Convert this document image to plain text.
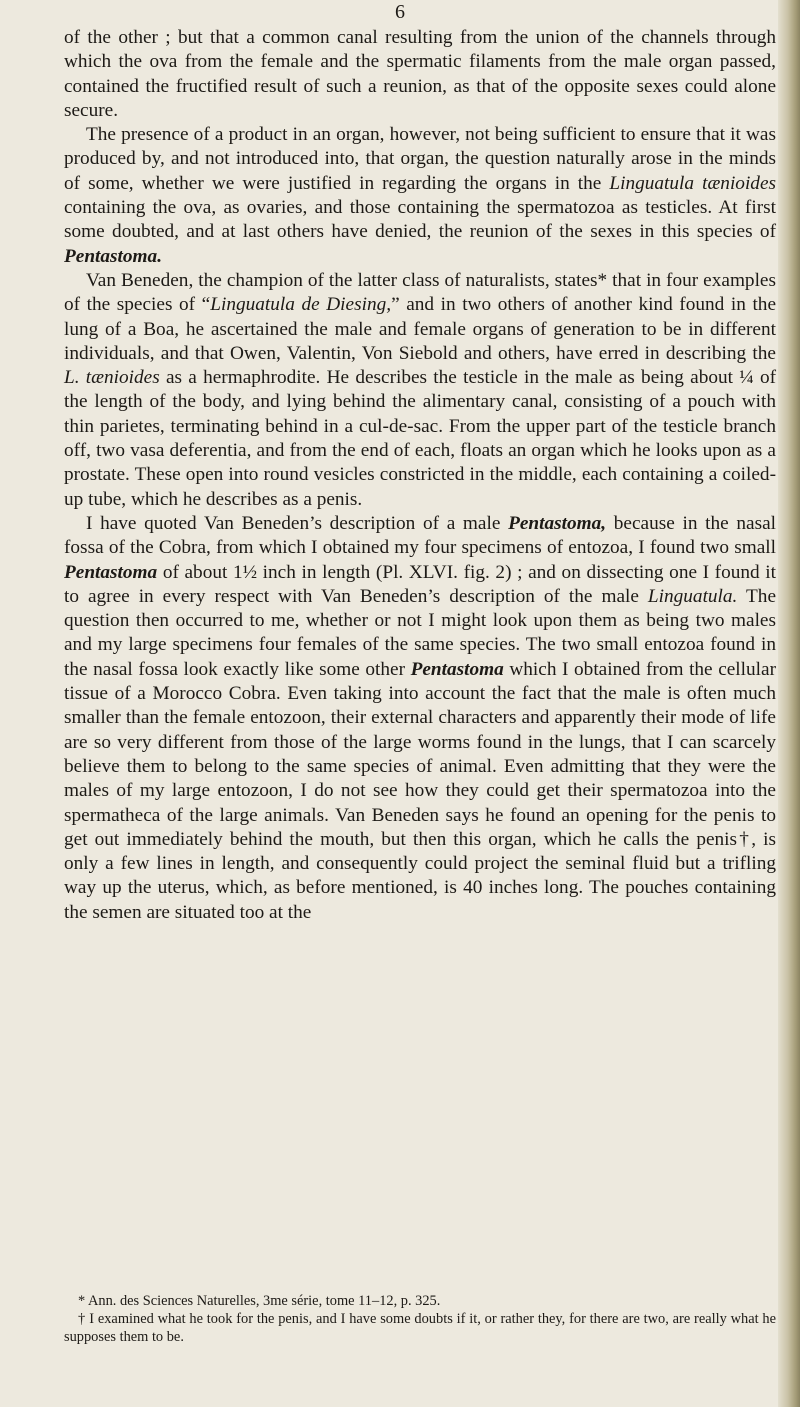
6

of the other ; but that a common canal resulting from the union of the channels through which the ova from the female and the spermatic filaments from the male organ passed, contained the fructified result of such a reunion, as that of the opposite sexes could alone secure.

The presence of a product in an organ, however, not being sufficient to ensure that it was produced by, and not introduced into, that organ, the question naturally arose in the minds of some, whether we were justified in regarding the organs in the Linguatula tænioides containing the ova, as ovaries, and those containing the spermatozoa as testicles. At first some doubted, and at last others have denied, the reunion of the sexes in this species of Pentastoma.

Van Beneden, the champion of the latter class of naturalists, states* that in four examples of the species of “Linguatula de Diesing,” and in two others of another kind found in the lung of a Boa, he ascertained the male and female organs of generation to be in different individuals, and that Owen, Valentin, Von Siebold and others, have erred in describing the L. tænioides as a hermaphrodite. He describes the testicle in the male as being about ¼ of the length of the body, and lying behind the alimentary canal, consisting of a pouch with thin parietes, terminating behind in a cul-de-sac. From the upper part of the testicle branch off, two vasa deferentia, and from the end of each, floats an organ which he looks upon as a prostate. These open into round vesicles constricted in the middle, each containing a coiled-up tube, which he describes as a penis.

I have quoted Van Beneden’s description of a male Pentastoma, because in the nasal fossa of the Cobra, from which I obtained my four specimens of entozoa, I found two small Pentastoma of about 1½ inch in length (Pl. XLVI. fig. 2) ; and on dissecting one I found it to agree in every respect with Van Beneden’s description of the male Linguatula. The question then occurred to me, whether or not I might look upon them as being two males and my large specimens four females of the same species. The two small entozoa found in the nasal fossa look exactly like some other Pentastoma which I obtained from the cellular tissue of a Morocco Cobra. Even taking into account the fact that the male is often much smaller than the female entozoon, their external characters and apparently their mode of life are so very different from those of the large worms found in the lungs, that I can scarcely believe them to belong to the same species of animal. Even admitting that they were the males of my large entozoon, I do not see how they could get their spermatozoa into the spermatheca of the large animals. Van Beneden says he found an opening for the penis to get out immediately behind the mouth, but then this organ, which he calls the penis†, is only a few lines in length, and consequently could project the seminal fluid but a trifling way up the uterus, which, as before mentioned, is 40 inches long. The pouches containing the semen are situated too at the

* Ann. des Sciences Naturelles, 3me série, tome 11–12, p. 325.

† I examined what he took for the penis, and I have some doubts if it, or rather they, for there are two, are really what he supposes them to be.
